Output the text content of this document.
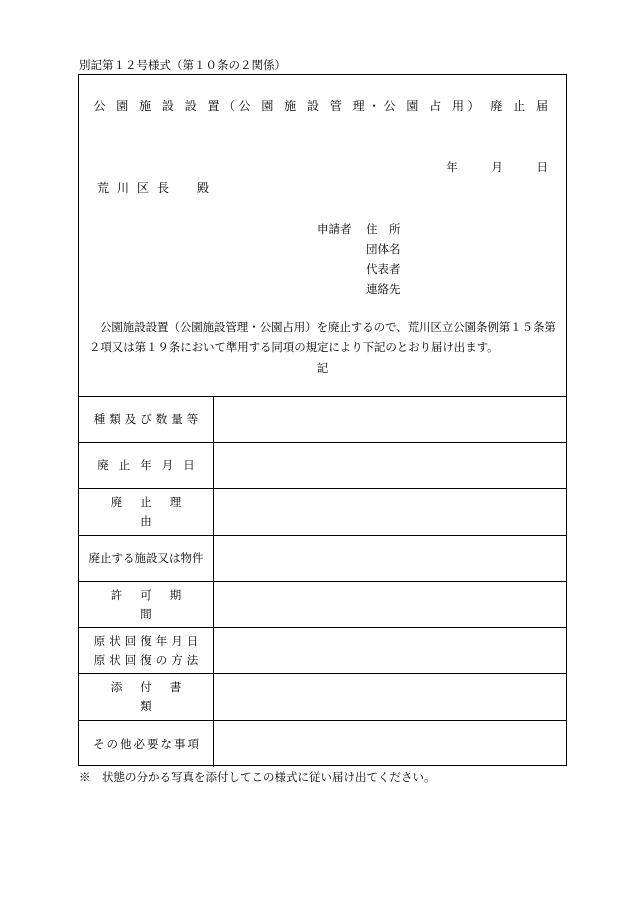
別記第１２号様式（第１０条の２関係）
公 園 施 設 設 置（公 園 施 設 管 理・公 園 占 用） 廃 止 届
年	月	日
荒川区長　殿
申請者 住　所
団体名
代表者
連絡先
公園施設設置（公園施設管理・公園占用）を廃止するので、荒川区立公園条例第１５条第２項又は第１９条において準用する同項の規定により下記のとおり届け出ます。
記
種類及び数量等
廃止年月日
廃止理由
廃止する施設又は物件
許可期間
原状回復年月日
原状回復の方法
添付書類
その他必要な事項
※　状態の分かる写真を添付してこの様式に従い届け出てください。
